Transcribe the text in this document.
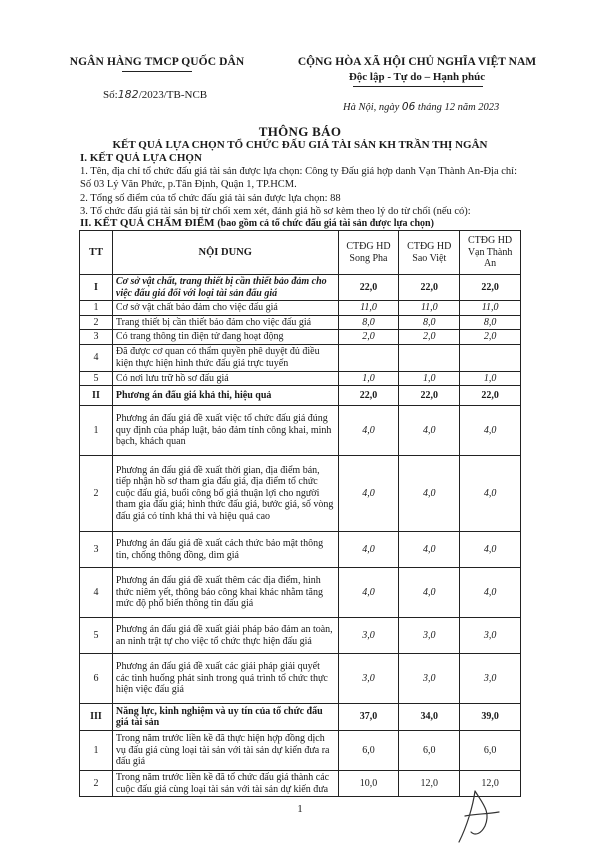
NGÂN HÀNG TMCP QUỐC DÂN
Số:182/2023/TB-NCB
CỘNG HÒA XÃ HỘI CHỦ NGHĨA VIỆT NAM
Độc lập - Tự do – Hạnh phúc
Hà Nội, ngày 06 tháng 12 năm 2023
THÔNG BÁO
KẾT QUẢ LỰA CHỌN TỔ CHỨC ĐẤU GIÁ TÀI SẢN KH TRẦN THỊ NGÂN
I. KẾT QUẢ LỰA CHỌN
1. Tên, địa chỉ tổ chức đấu giá tài sản được lựa chọn: Công ty Đấu giá hợp danh Vạn Thành An-Địa chỉ: Số 03 Lý Văn Phức, p.Tân Định, Quận 1, TP.HCM.
2. Tổng số điểm của tổ chức đấu giá tài sản được lựa chọn: 88
3. Tổ chức đấu giá tài sản bị từ chối xem xét, đánh giá hồ sơ kèm theo lý do từ chối (nếu có):
II. KẾT QUẢ CHẤM ĐIỂM (bao gồm cả tổ chức đấu giá tài sản được lựa chọn)
TT	NỘI DUNG	CTĐG HD Song Pha	CTĐG HD Sao Việt	CTĐG HD Vạn Thành An
I	Cơ sở vật chất, trang thiết bị cần thiết bảo đảm cho việc đấu giá đối với loại tài sản đấu giá	22,0	22,0	22,0
1	Cơ sở vật chất bảo đảm cho việc đấu giá	11,0	11,0	11,0
2	Trang thiết bị cần thiết bảo đảm cho việc đấu giá	8,0	8,0	8,0
3	Có trang thông tin điện tử đang hoạt động	2,0	2,0	2,0
4	Đã được cơ quan có thẩm quyền phê duyệt đủ điều kiện thực hiện hình thức đấu giá trực tuyến			
5	Có nơi lưu trữ hồ sơ đấu giá	1,0	1,0	1,0
II	Phương án đấu giá khả thi, hiệu quả	22,0	22,0	22,0
1	Phương án đấu giá đề xuất việc tổ chức đấu giá đúng quy định của pháp luật, bảo đảm tính công khai, minh bạch, khách quan	4,0	4,0	4,0
2	Phương án đấu giá đề xuất thời gian, địa điểm bán, tiếp nhận hồ sơ tham gia đấu giá, địa điểm tổ chức cuộc đấu giá, buổi công bố giá thuận lợi cho người tham gia đấu giá; hình thức đấu giá, bước giá, số vòng đấu giá có tính khả thi và hiệu quả cao	4,0	4,0	4,0
3	Phương án đấu giá đề xuất cách thức bảo mật thông tin, chống thông đồng, dìm giá	4,0	4,0	4,0
4	Phương án đấu giá đề xuất thêm các địa điểm, hình thức niêm yết, thông báo công khai khác nhằm tăng mức độ phổ biến thông tin đấu giá	4,0	4,0	4,0
5	Phương án đấu giá đề xuất giải pháp bảo đảm an toàn, an ninh trật tự cho việc tổ chức thực hiện đấu giá	3,0	3,0	3,0
6	Phương án đấu giá đề xuất các giải pháp giải quyết các tình huống phát sinh trong quá trình tổ chức thực hiện việc đấu giá	3,0	3,0	3,0
III	Năng lực, kinh nghiệm và uy tín của tổ chức đấu giá tài sản	37,0	34,0	39,0
1	Trong năm trước liền kề đã thực hiện hợp đồng dịch vụ đấu giá cùng loại tài sản với tài sản dự kiến đưa ra đấu giá	6,0	6,0	6,0
2	Trong năm trước liền kề đã tổ chức đấu giá thành các cuộc đấu giá cùng loại tài sản với tài sản dự kiến đưa	10,0	12,0	12,0
1
